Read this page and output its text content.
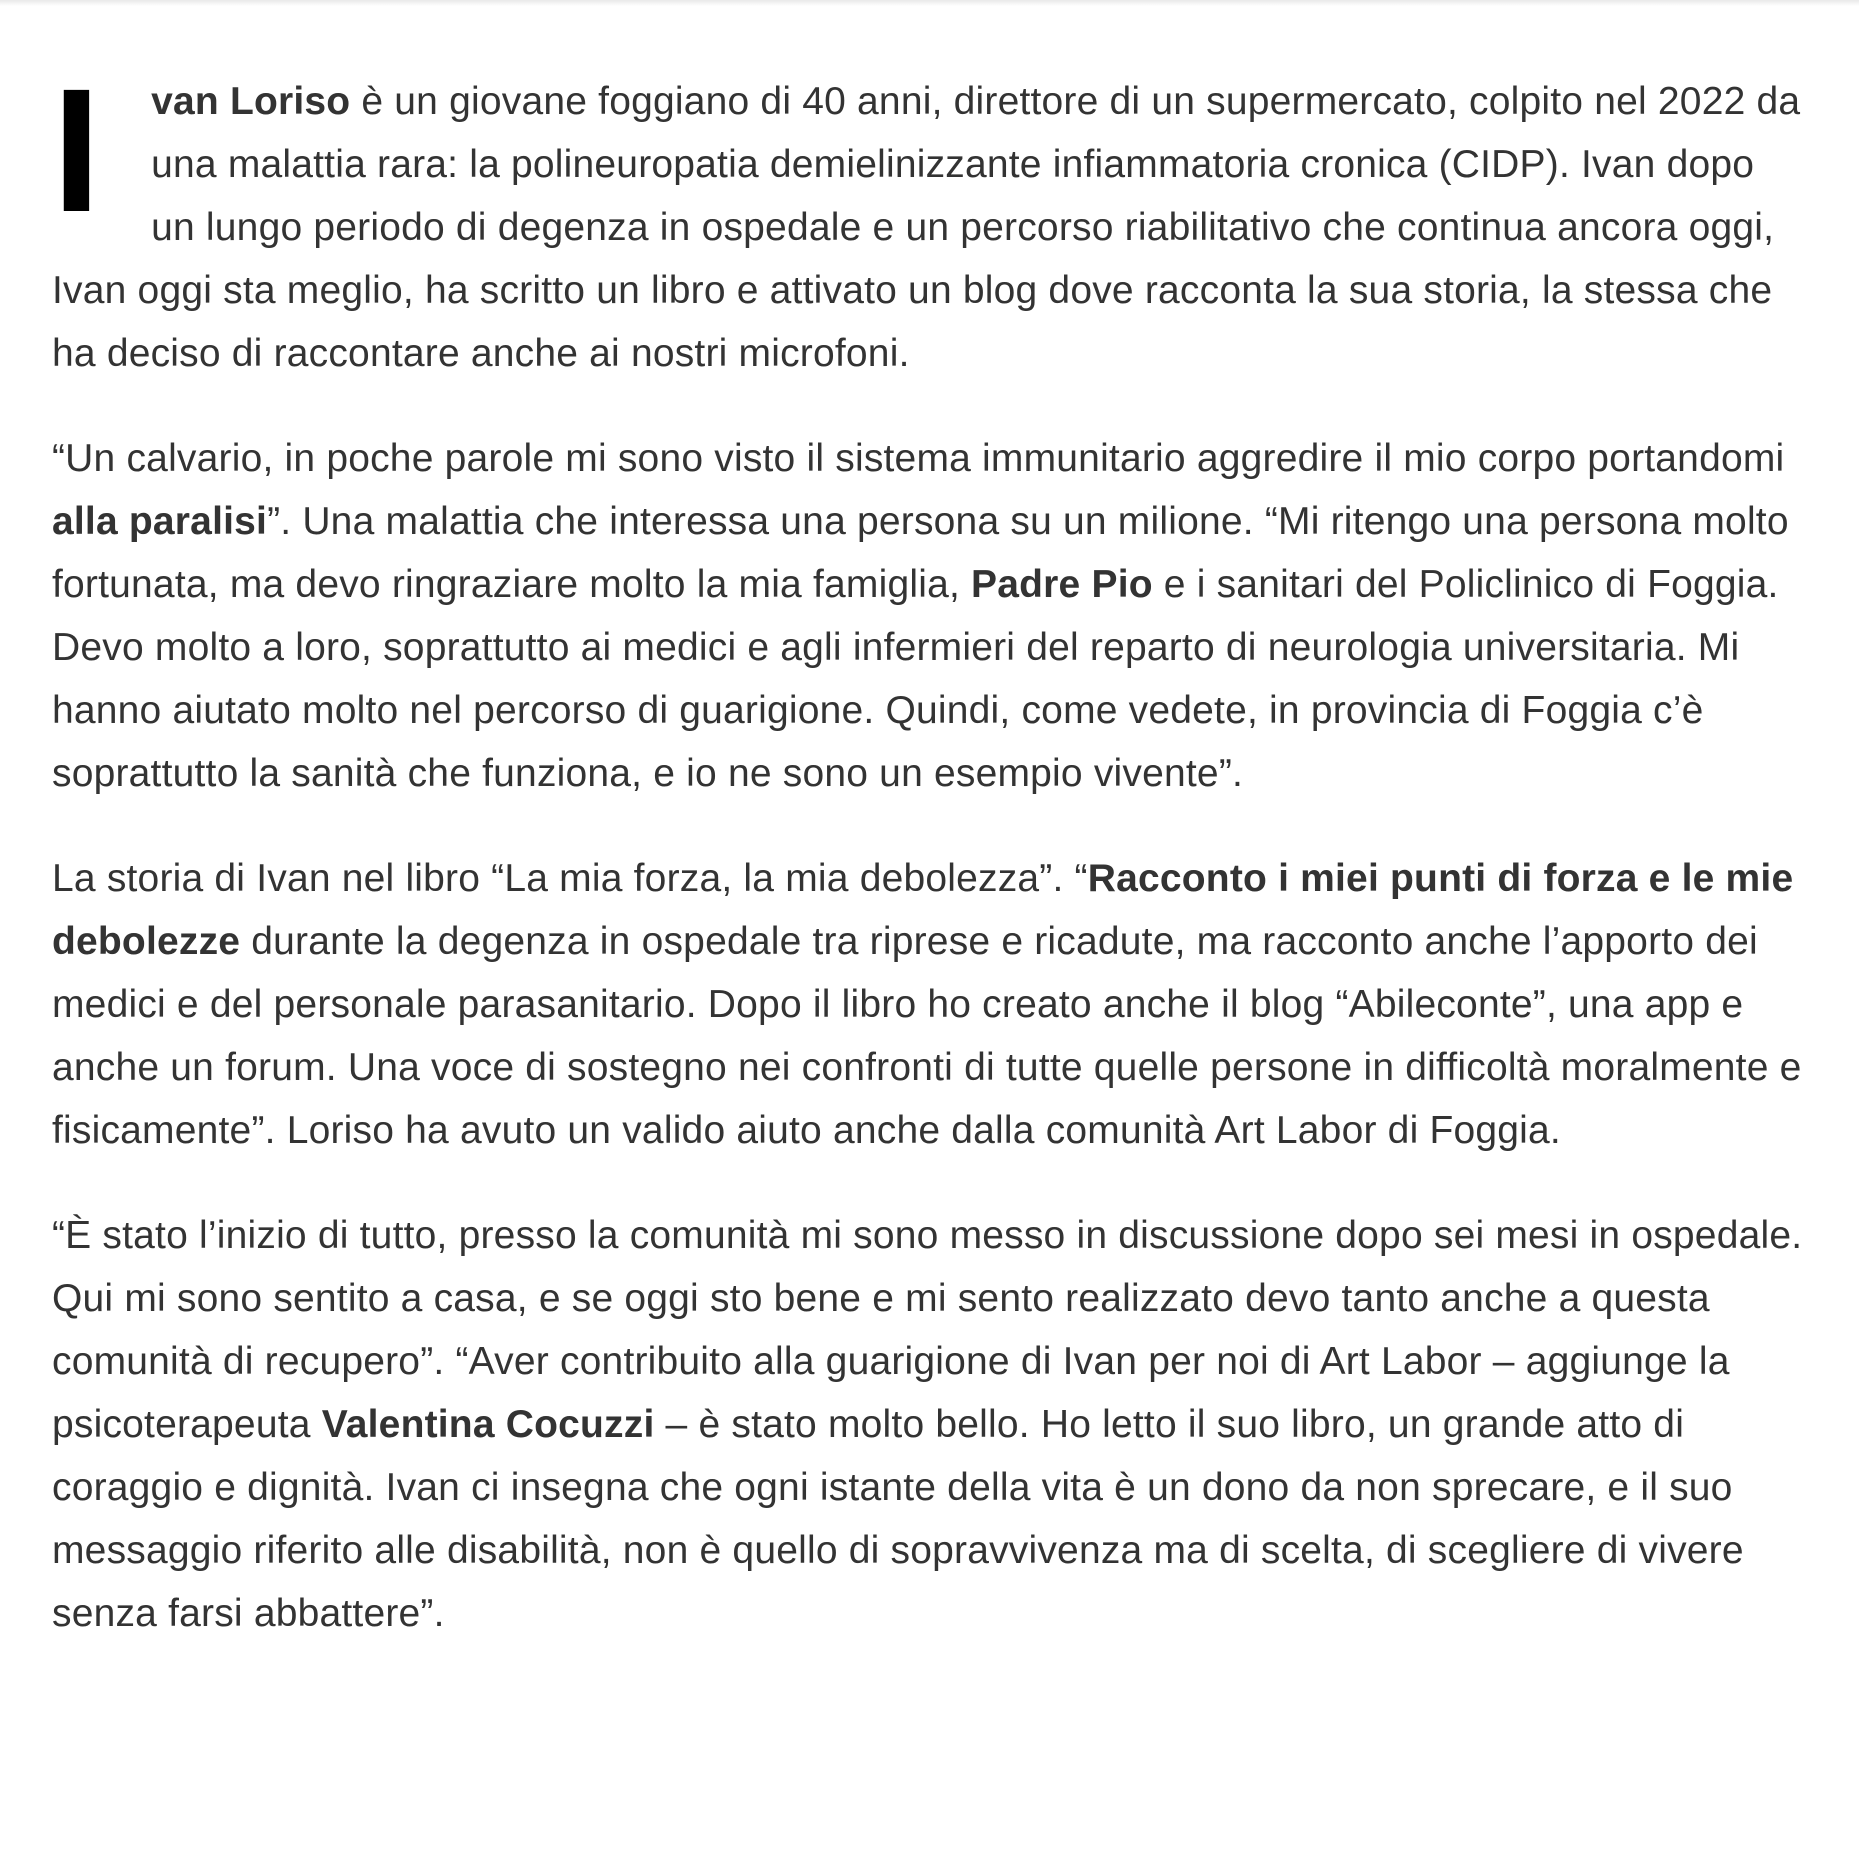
I van Loriso è un giovane foggiano di 40 anni, direttore di un supermercato, colpito nel 2022 da una malattia rara: la polineuropatia demielinizzante infiammatoria cronica (CIDP). Ivan dopo un lungo periodo di degenza in ospedale e un percorso riabilitativo che continua ancora oggi, Ivan oggi sta meglio, ha scritto un libro e attivato un blog dove racconta la sua storia, la stessa che ha deciso di raccontare anche ai nostri microfoni.

“Un calvario, in poche parole mi sono visto il sistema immunitario aggredire il mio corpo portandomi alla paralisi”. Una malattia che interessa una persona su un milione. “Mi ritengo una persona molto fortunata, ma devo ringraziare molto la mia famiglia, Padre Pio e i sanitari del Policlinico di Foggia. Devo molto a loro, soprattutto ai medici e agli infermieri del reparto di neurologia universitaria. Mi hanno aiutato molto nel percorso di guarigione. Quindi, come vedete, in provincia di Foggia c’è soprattutto la sanità che funziona, e io ne sono un esempio vivente”.

La storia di Ivan nel libro “La mia forza, la mia debolezza”. “Racconto i miei punti di forza e le mie debolezze durante la degenza in ospedale tra riprese e ricadute, ma racconto anche l’apporto dei medici e del personale parasanitario. Dopo il libro ho creato anche il blog “Abileconte”, una app e anche un forum. Una voce di sostegno nei confronti di tutte quelle persone in difficoltà moralmente e fisicamente”. Loriso ha avuto un valido aiuto anche dalla comunità Art Labor di Foggia.

“È stato l’inizio di tutto, presso la comunità mi sono messo in discussione dopo sei mesi in ospedale. Qui mi sono sentito a casa, e se oggi sto bene e mi sento realizzato devo tanto anche a questa comunità di recupero”. “Aver contribuito alla guarigione di Ivan per noi di Art Labor – aggiunge la psicoterapeuta Valentina Cocuzzi – è stato molto bello. Ho letto il suo libro, un grande atto di coraggio e dignità. Ivan ci insegna che ogni istante della vita è un dono da non sprecare, e il suo messaggio riferito alle disabilità, non è quello di sopravvivenza ma di scelta, di scegliere di vivere senza farsi abbattere”.
